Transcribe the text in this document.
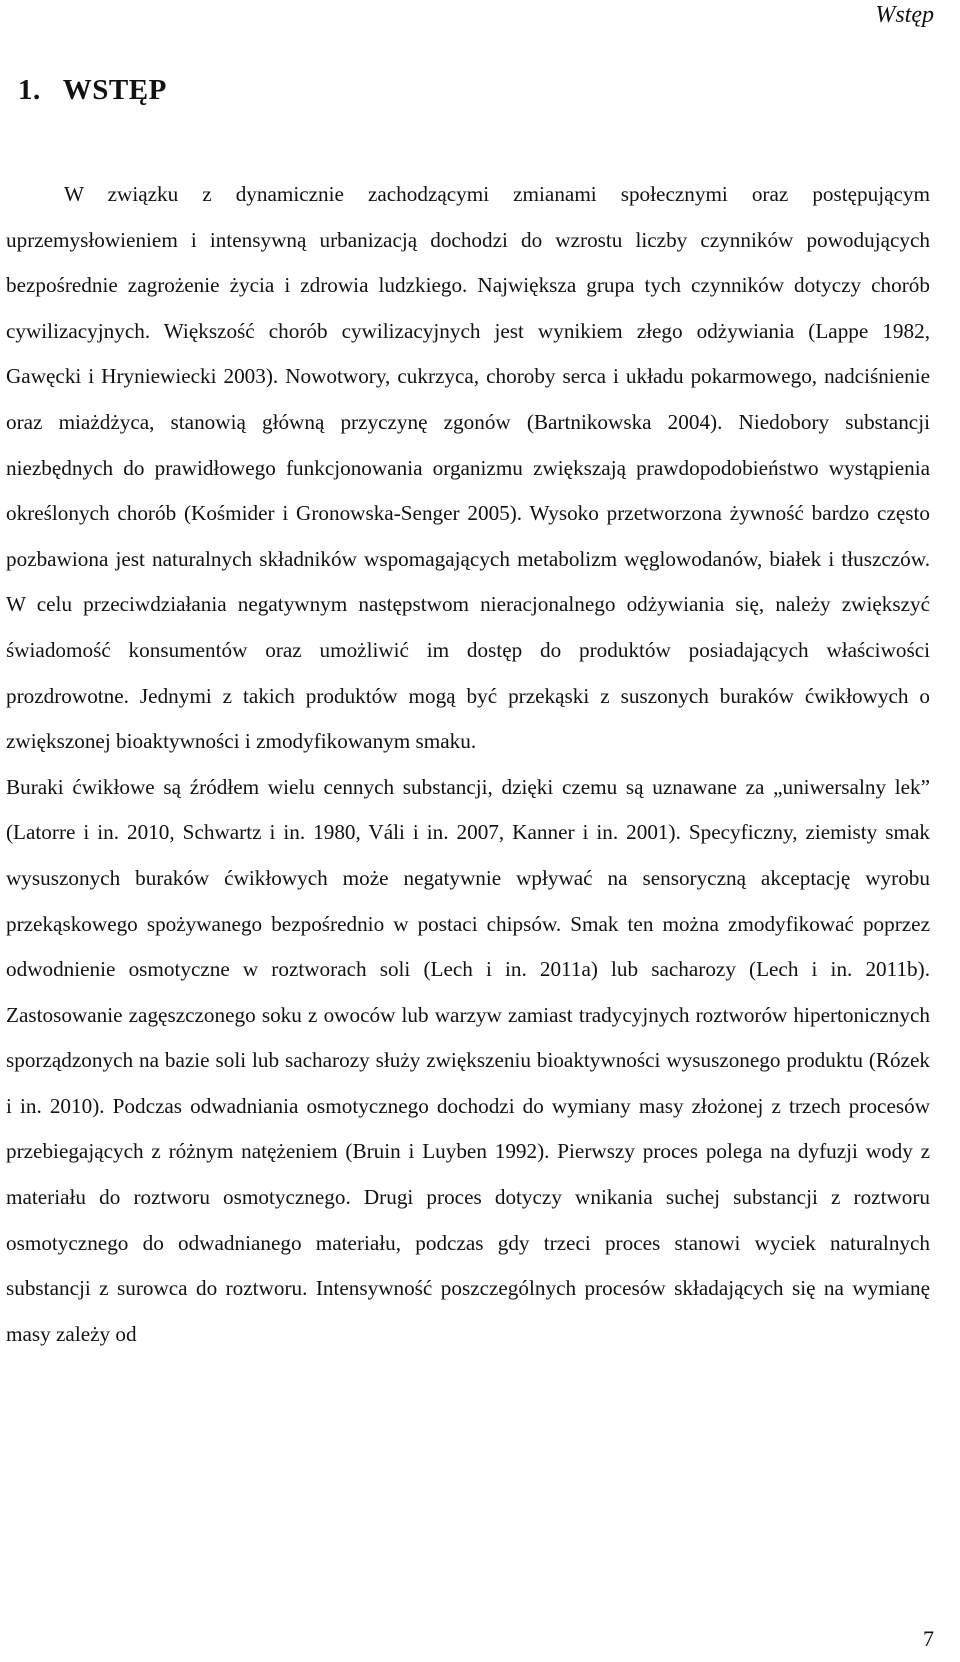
Wstęp
1. WSTĘP

W związku z dynamicznie zachodzącymi zmianami społecznymi oraz postępującym uprzemysłowieniem i intensywną urbanizacją dochodzi do wzrostu liczby czynników powodujących bezpośrednie zagrożenie życia i zdrowia ludzkiego. Największa grupa tych czynników dotyczy chorób cywilizacyjnych. Większość chorób cywilizacyjnych jest wynikiem złego odżywiania (Lappe 1982, Gawęcki i Hryniewiecki 2003). Nowotwory, cukrzyca, choroby serca i układu pokarmowego, nadciśnienie oraz miażdżyca, stanowią główną przyczynę zgonów (Bartnikowska 2004). Niedobory substancji niezbędnych do prawidłowego funkcjonowania organizmu zwiększają prawdopodobieństwo wystąpienia określonych chorób (Kośmider i Gronowska-Senger 2005). Wysoko przetworzona żywność bardzo często pozbawiona jest naturalnych składników wspomagających metabolizm węglowodanów, białek i tłuszczów. W celu przeciwdziałania negatywnym następstwom nieracjonalnego odżywiania się, należy zwiększyć świadomość konsumentów oraz umożliwić im dostęp do produktów posiadających właściwości prozdrowotne. Jednymi z takich produktów mogą być przekąski z suszonych buraków ćwikłowych o zwiększonej bioaktywności i zmodyfikowanym smaku.

Buraki ćwikłowe są źródłem wielu cennych substancji, dzięki czemu są uznawane za „uniwersalny lek” (Latorre i in. 2010, Schwartz i in. 1980, Váli i in. 2007, Kanner i in. 2001). Specyficzny, ziemisty smak wysuszonych buraków ćwikłowych może negatywnie wpływać na sensoryczną akceptację wyrobu przekąskowego spożywanego bezpośrednio w postaci chipsów. Smak ten można zmodyfikować poprzez odwodnienie osmotyczne w roztworach soli (Lech i in. 2011a) lub sacharozy (Lech i in. 2011b). Zastosowanie zagęszczonego soku z owoców lub warzyw zamiast tradycyjnych roztworów hipertonicznych sporządzonych na bazie soli lub sacharozy służy zwiększeniu bioaktywności wysuszonego produktu (Rózek i in. 2010). Podczas odwadniania osmotycznego dochodzi do wymiany masy złożonej z trzech procesów przebiegających z różnym natężeniem (Bruin i Luyben 1992). Pierwszy proces polega na dyfuzji wody z materiału do roztworu osmotycznego. Drugi proces dotyczy wnikania suchej substancji z roztworu osmotycznego do odwadnianego materiału, podczas gdy trzeci proces stanowi wyciek naturalnych substancji z surowca do roztworu. Intensywność poszczególnych procesów składających się na wymianę masy zależy od

7
